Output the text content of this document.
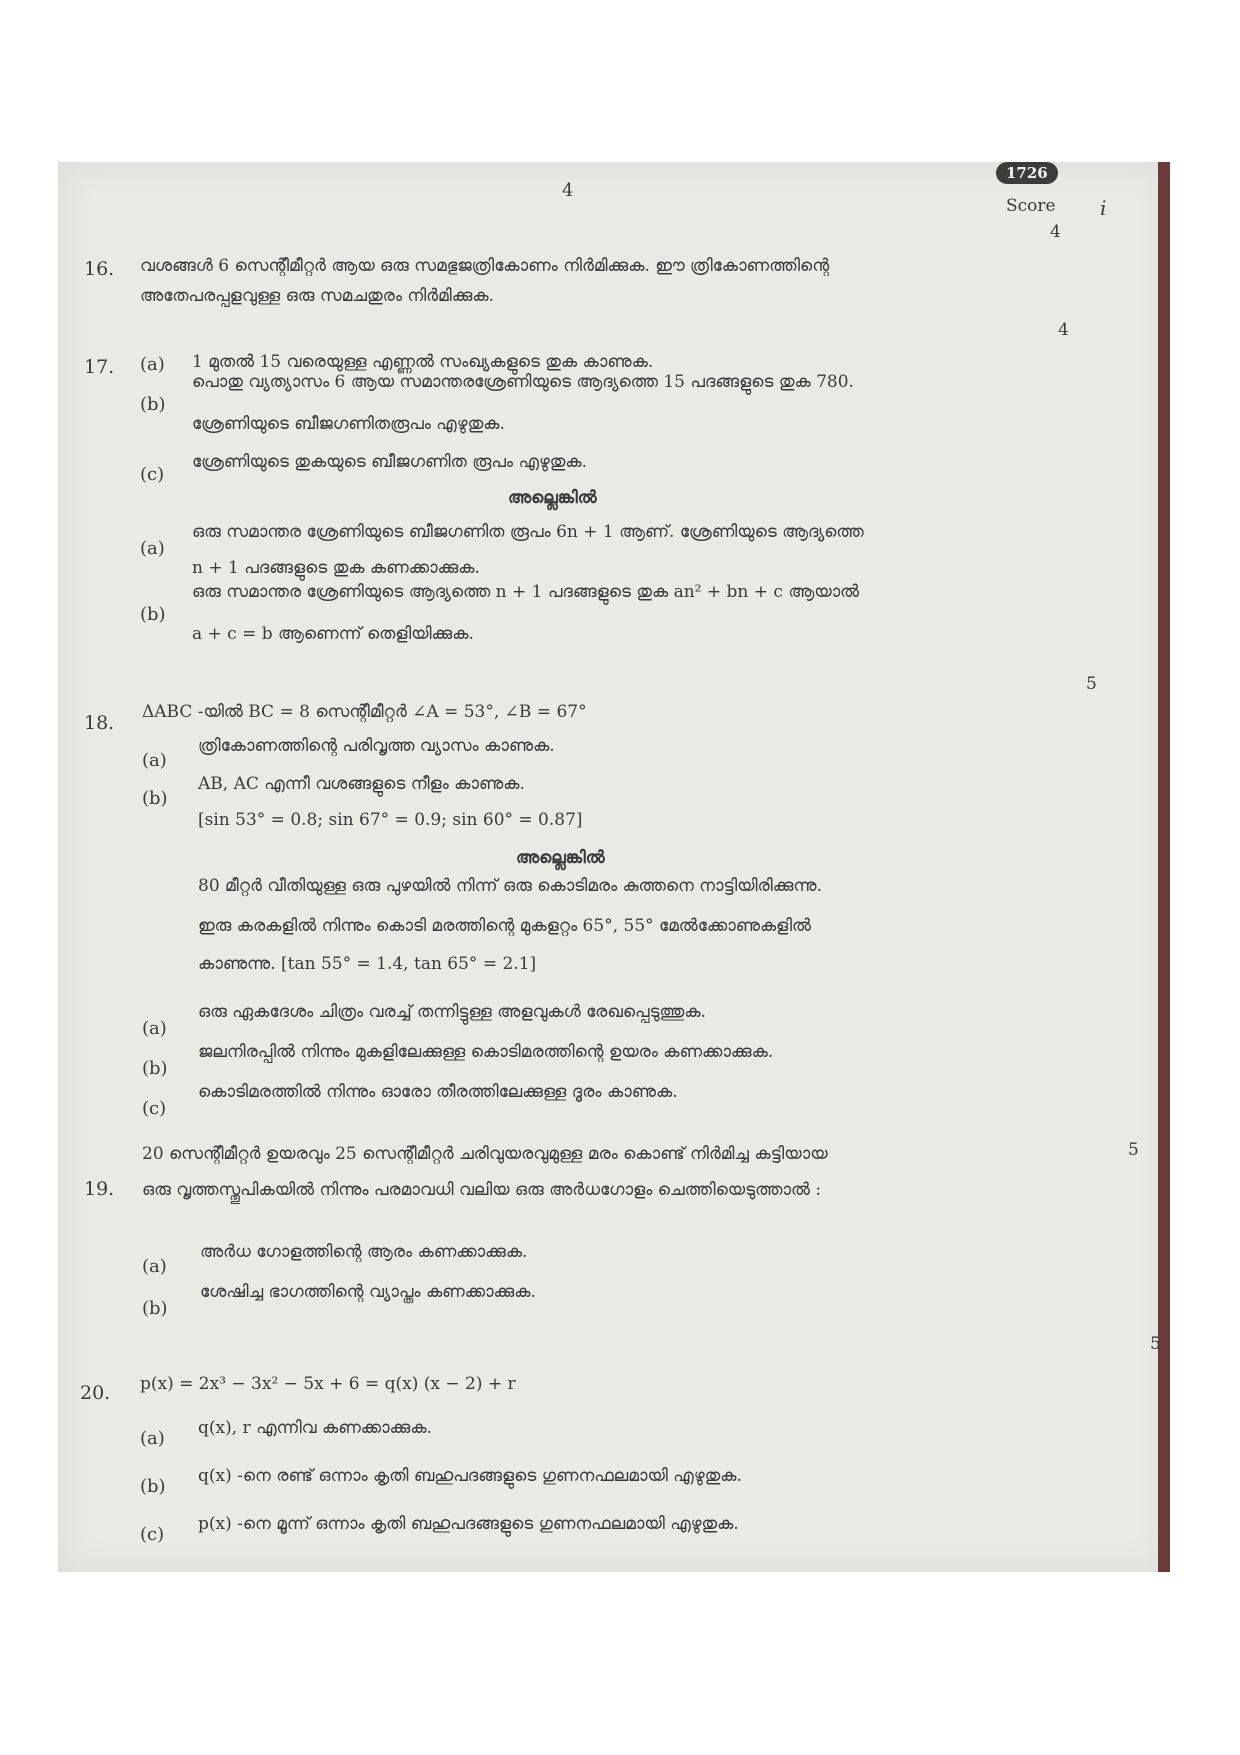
4
1726
Score i
4
16. വശങ്ങൾ 6 സെന്റീമീറ്റർ ആയ ഒരു സമഭുജത്രികോണം നിർമിക്കുക. ഈ ത്രികോണത്തിന്റെ
അതേപരപ്പളവുള്ള ഒരു സമചതുരം നിർമിക്കുക.
4
17. (a) 1 മുതൽ 15 വരെയുള്ള എണ്ണൽ സംഖ്യകളുടെ തുക കാണുക.
(b)
പൊതു വ്യത്യാസം 6 ആയ സമാന്തരശ്രേണിയുടെ ആദ്യത്തെ 15 പദങ്ങളുടെ തുക 780.
ശ്രേണിയുടെ ബീജഗണിതരൂപം എഴുതുക.
(c)
ശ്രേണിയുടെ തുകയുടെ ബീജഗണിത രൂപം എഴുതുക.
അല്ലെങ്കിൽ
(a)
ഒരു സമാന്തര ശ്രേണിയുടെ ബീജഗണിത രൂപം 6n + 1 ആണ്. ശ്രേണിയുടെ ആദ്യത്തെ
n + 1 പദങ്ങളുടെ തുക കണക്കാക്കുക.
(b)
ഒരു സമാന്തര ശ്രേണിയുടെ ആദ്യത്തെ n + 1 പദങ്ങളുടെ തുക an² + bn + c ആയാൽ
a + c = b ആണെന്ന് തെളിയിക്കുക.
5
18. ΔABC -യിൽ BC = 8 സെന്റീമീറ്റർ ∠A = 53°, ∠B = 67°
(a)
ത്രികോണത്തിന്റെ പരിവൃത്ത വ്യാസം കാണുക.
(b)
AB, AC എന്നീ വശങ്ങളുടെ നീളം കാണുക.
[sin 53° = 0.8; sin 67° = 0.9; sin 60° = 0.87]
അല്ലെങ്കിൽ
80 മീറ്റർ വീതിയുള്ള ഒരു പുഴയിൽ നിന്ന് ഒരു കൊടിമരം കുത്തനെ നാട്ടിയിരിക്കുന്നു.
ഇരു കരകളിൽ നിന്നും കൊടി മരത്തിന്റെ മുകളറ്റം 65°, 55° മേൽക്കോണുകളിൽ
കാണുന്നു. [tan 55° = 1.4, tan 65° = 2.1]
(a)
ഒരു ഏകദേശം ചിത്രം വരച്ച് തന്നിട്ടുള്ള അളവുകൾ രേഖപ്പെടുത്തുക.
(b)
ജലനിരപ്പിൽ നിന്നും മുകളിലേക്കുള്ള കൊടിമരത്തിന്റെ ഉയരം കണക്കാക്കുക.
(c)
കൊടിമരത്തിൽ നിന്നും ഓരോ തീരത്തിലേക്കുള്ള ദൂരം കാണുക.
5
19.
20 സെന്റീമീറ്റർ ഉയരവും 25 സെന്റീമീറ്റർ ചരിവുയരവുമുള്ള മരം കൊണ്ട് നിർമിച്ച കട്ടിയായ
ഒരു വൃത്തസ്തൂപികയിൽ നിന്നും പരമാവധി വലിയ ഒരു അർധഗോളം ചെത്തിയെടുത്താൽ :
(a)
അർധ ഗോളത്തിന്റെ ആരം കണക്കാക്കുക.
(b)
ശേഷിച്ച ഭാഗത്തിന്റെ വ്യാപ്തം കണക്കാക്കുക.
5
20. p(x) = 2x³ − 3x² − 5x + 6 = q(x) (x − 2) + r
(a) q(x), r എന്നിവ കണക്കാക്കുക.
(b) q(x) -നെ രണ്ട് ഒന്നാം കൃതി ബഹുപദങ്ങളുടെ ഗുണനഫലമായി എഴുതുക.
(c) p(x) -നെ മൂന്ന് ഒന്നാം കൃതി ബഹുപദങ്ങളുടെ ഗുണനഫലമായി എഴുതുക.
